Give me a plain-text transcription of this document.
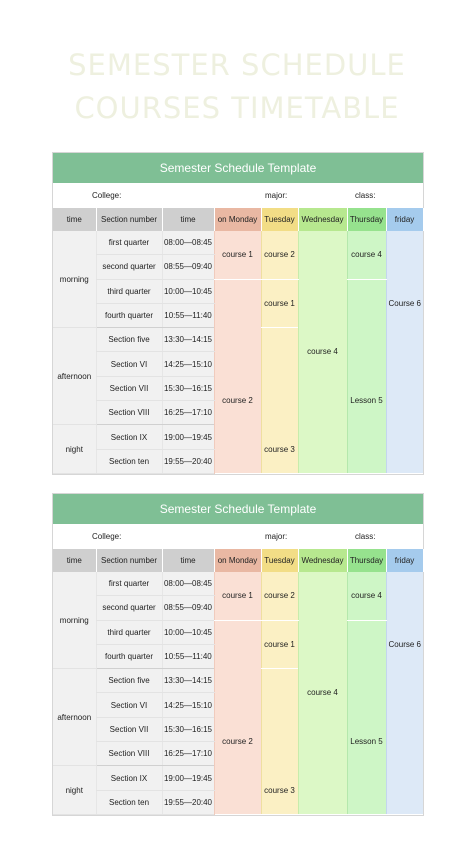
SEMESTER SCHEDULE
COURSES TIMETABLE
Semester Schedule Template
College:	major:	class:
time	Section number	time	on Monday	Tuesday	Wednesday	Thursday	friday
morning	first quarter	08:00—08:45	course 1	course 2		course 4	
	second quarter	08:55—09:40					
	third quarter	10:00—10:45		course 1			Course 6
	fourth quarter	10:55—11:40					
afternoon	Section five	13:30—14:15			course 4		
	Section VI	14:25—15:10					
	Section VII	15:30—16:15	course 2			Lesson 5	
	Section VIII	16:25—17:10					
night	Section IX	19:00—19:45		course 3			
	Section ten	19:55—20:40					
Semester Schedule Template
College:	major:	class:
time	Section number	time	on Monday	Tuesday	Wednesday	Thursday	friday
morning	first quarter	08:00—08:45	course 1	course 2		course 4	
	second quarter	08:55—09:40					
	third quarter	10:00—10:45		course 1			Course 6
	fourth quarter	10:55—11:40					
afternoon	Section five	13:30—14:15			course 4		
	Section VI	14:25—15:10					
	Section VII	15:30—16:15	course 2			Lesson 5	
	Section VIII	16:25—17:10					
night	Section IX	19:00—19:45		course 3			
	Section ten	19:55—20:40					
